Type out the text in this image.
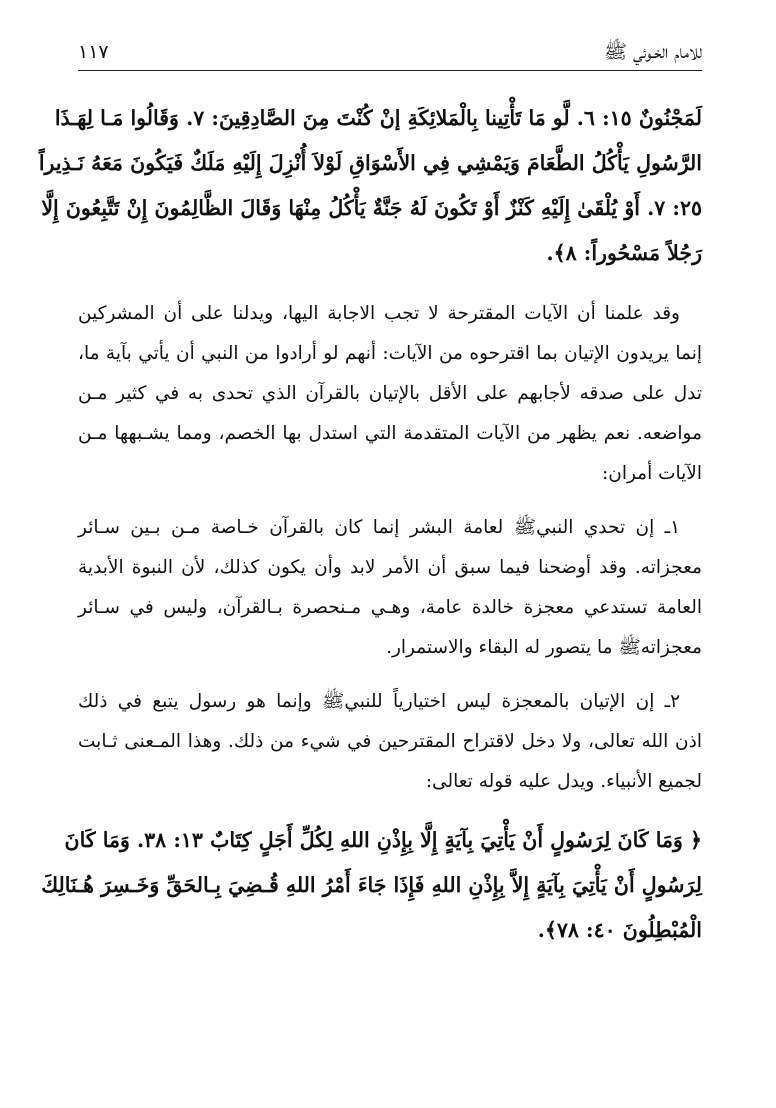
للامام الخـوئي ﷺ
١١٧
لَمَجْنُونٌ ١٥: ٦. لَّو مَا تَأْتِينا بِالْمَلائِكَةِ إنْ كُنْتَ مِنَ الصَّادِقِينَ: ٧. وَقَالُوا مَـا لِهَـذَا
الرَّسُولِ يَأْكُلُ الطَّعَامَ وَيَمْشِي فِي الأَسْوَاقِ لَوْلاَ أُنْزِلَ إِلَيْهِ مَلَكٌ فَيَكُونَ مَعَهُ نَـذِيراً
٢٥: ٧. أَوْ يُلْقَىٰ إِلَيْهِ كَنْزٌ أَوْ تَكُونَ لَهُ جَنَّةٌ يَأْكُلُ مِنْهَا وَقَالَ الظَّالِمُونَ إِنْ تَتَّبِعُونَ إِلَّا
رَجُلاً مَسْحُوراً: ٨﴾.
وقد علمنا أن الآيات المقترحة لا تجب الاجابة اليها، ويدلنا على أن المشركين
إنما يريدون الإتيان بما اقترحوه من الآيات: أنهم لو أرادوا من النبي أن يأتي بآية ما،
تدل على صدقه لأجابهم على الأقل بالإتيان بالقرآن الذي تحدى به في كثير مـن
مواضعه. نعم يظهر من الآيات المتقدمة التي استدل بها الخصم، ومما يشـبهها مـن
الآيات أمران:
١ـ إن تحدي النبيﷺ لعامة البشر إنما كان بالقرآن خـاصة مـن بـين سـائر
معجزاته. وقد أوضحنا فيما سبق أن الأمر لابد وأن يكون كذلك، لأن النبوة الأبدية
العامة تستدعي معجزة خالدة عامة، وهـي مـنحصرة بـالقرآن، وليس في سـائر
معجزاتهﷺ ما يتصور له البقاء والاستمرار.
٢ـ إن الإتيان بالمعجزة ليس اختيارياً للنبيﷺ وإنما هو رسول يتبع في ذلك
اذن الله تعالى، ولا دخل لاقتراح المقترحين في شيء من ذلك. وهذا المـعنى ثـابت
لجميع الأنبياء. ويدل عليه قوله تعالى:
﴿ وَمَا كَانَ لِرَسُولٍ أَنْ يَأْتِيَ بِآيَةٍ إِلَّا بِإِذْنِ اللهِ لِكُلِّ أَجَلٍ كِتَابٌ ١٣: ٣٨. وَمَا كَانَ
لِرَسُولٍ أَنْ يَأْتِيَ بِآيَةٍ إِلاَّ بِإِذْنِ اللهِ فَإِذَا جَاءَ أَمْرُ اللهِ قُـضِيَ بِـالحَقِّ وَخَـسِرَ هُـنَالِكَ
الْمُبْطِلُونَ ٤٠: ٧٨﴾.
